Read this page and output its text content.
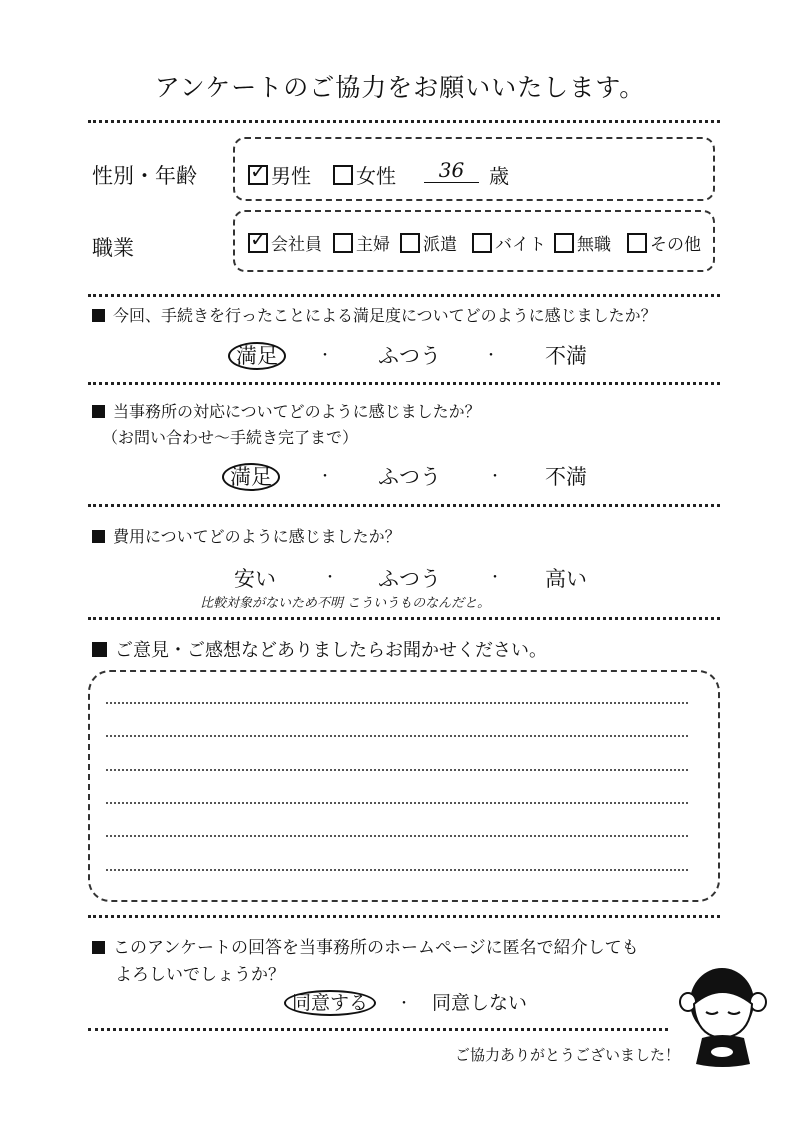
アンケートのご協力をお願いいたします。
性別・年齢 ✓	男性 女性	36	歳
職業 ✓	会社員 主婦 派遣 バイト 無職 その他
今回、手続きを行ったことによる満足度についてどのように感じましたか？
満足	・ ふつう	・ 不満
当事務所の対応についてどのように感じましたか？
（お問い合わせ〜手続き完了まで）
満足	・ ふつう	・ 不満
費用についてどのように感じましたか？
安い	・ ふつう	・ 高い
比較対象がないため不明 こういうものなんだと。
ご意見・ご感想などありましたらお聞かせください。
このアンケートの回答を当事務所のホームページに匿名で紹介しても
よろしいでしょうか？
同意する	・ 同意しない
ご協力ありがとうございました！
